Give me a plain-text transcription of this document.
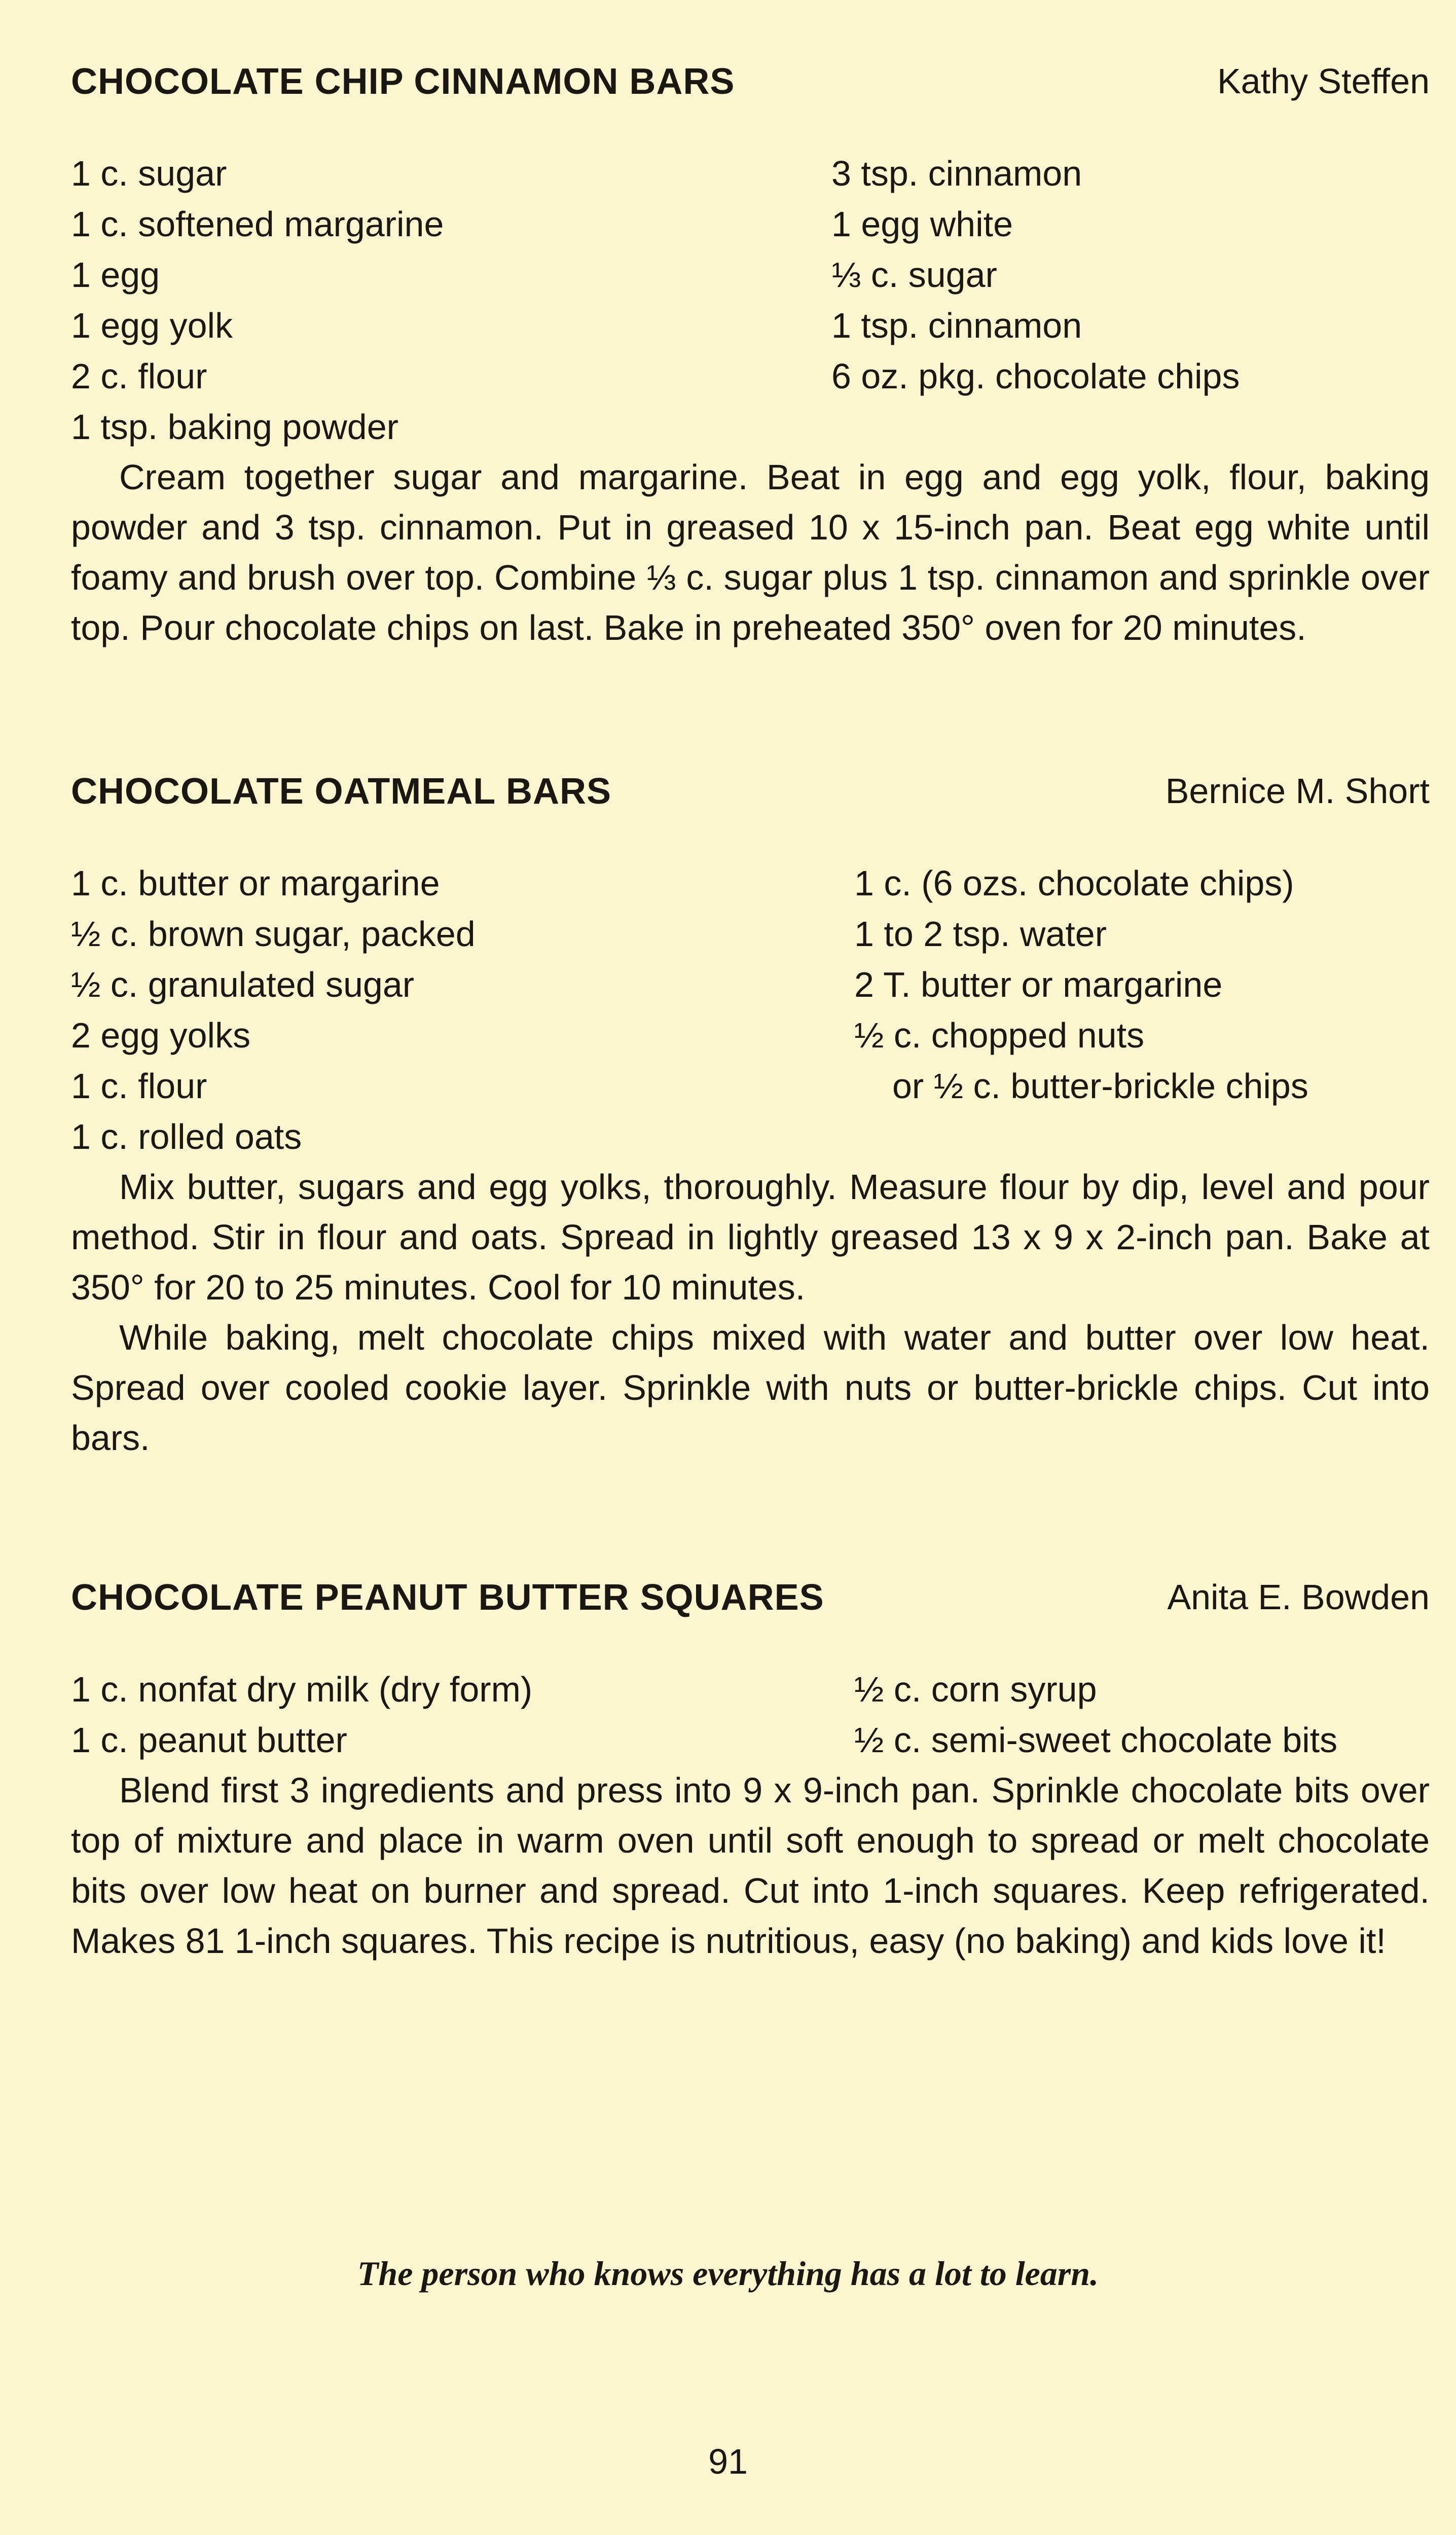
CHOCOLATE CHIP CINNAMON BARS	Kathy Steffen
1 c. sugar
1 c. softened margarine
1 egg
1 egg yolk
2 c. flour
1 tsp. baking powder
3 tsp. cinnamon
1 egg white
⅓ c. sugar
1 tsp. cinnamon
6 oz. pkg. chocolate chips

Cream together sugar and margarine. Beat in egg and egg yolk, flour, baking powder and 3 tsp. cinnamon. Put in greased 10 x 15-inch pan. Beat egg white until foamy and brush over top. Combine ⅓ c. sugar plus 1 tsp. cinnamon and sprinkle over top. Pour chocolate chips on last. Bake in preheated 350° oven for 20 minutes.

CHOCOLATE OATMEAL BARS	Bernice M. Short
1 c. butter or margarine
½ c. brown sugar, packed
½ c. granulated sugar
2 egg yolks
1 c. flour
1 c. rolled oats
1 c. (6 ozs. chocolate chips)
1 to 2 tsp. water
2 T. butter or margarine
½ c. chopped nuts
or ½ c. butter-brickle chips

Mix butter, sugars and egg yolks, thoroughly. Measure flour by dip, level and pour method. Stir in flour and oats. Spread in lightly greased 13 x 9 x 2-inch pan. Bake at 350° for 20 to 25 minutes. Cool for 10 minutes.

While baking, melt chocolate chips mixed with water and butter over low heat. Spread over cooled cookie layer. Sprinkle with nuts or butter-brickle chips. Cut into bars.

CHOCOLATE PEANUT BUTTER SQUARES	Anita E. Bowden
1 c. nonfat dry milk (dry form)
1 c. peanut butter
½ c. corn syrup
½ c. semi-sweet chocolate bits

Blend first 3 ingredients and press into 9 x 9-inch pan. Sprinkle chocolate bits over top of mixture and place in warm oven until soft enough to spread or melt chocolate bits over low heat on burner and spread. Cut into 1-inch squares. Keep refrigerated. Makes 81 1-inch squares. This recipe is nutritious, easy (no baking) and kids love it!

The person who knows everything has a lot to learn.
91
